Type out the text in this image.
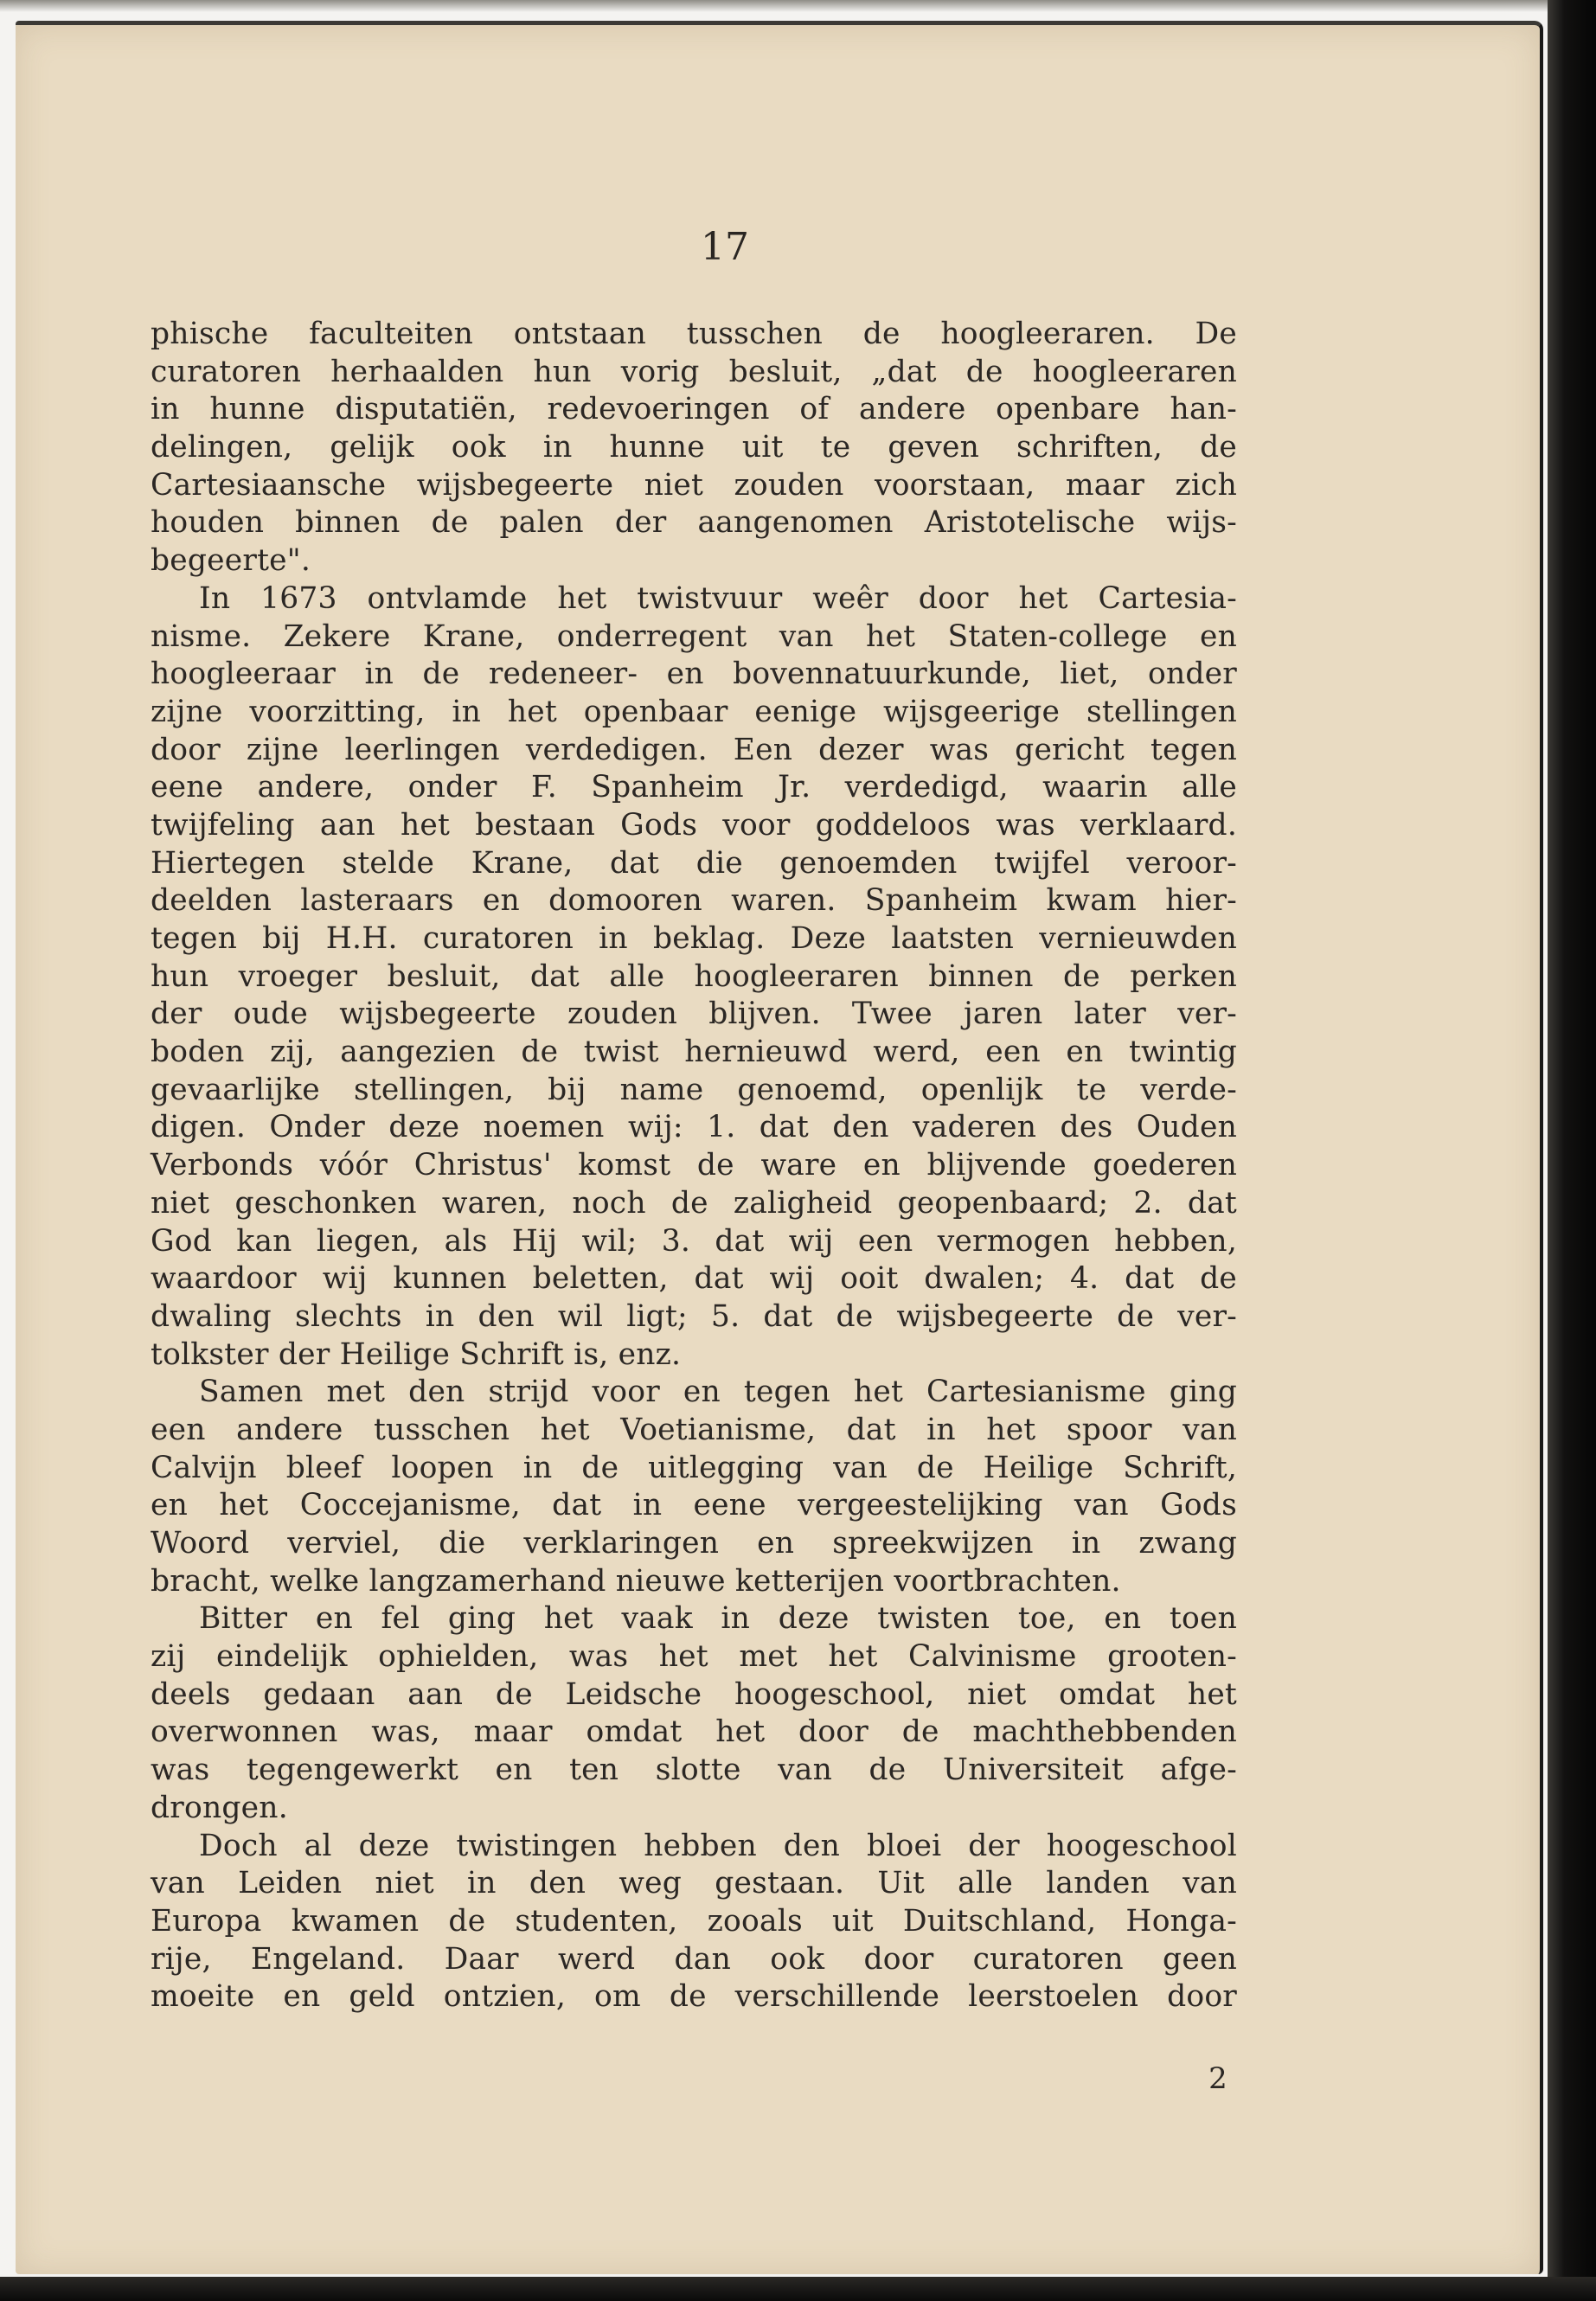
17
phische faculteiten ontstaan tusschen de hoogleeraren. De
curatoren herhaalden hun vorig besluit, „dat de hoogleeraren
in hunne disputatiën, redevoeringen of andere openbare han-
delingen, gelijk ook in hunne uit te geven schriften, de
Cartesiaansche wijsbegeerte niet zouden voorstaan, maar zich
houden binnen de palen der aangenomen Aristotelische wijs-
begeerte".
In 1673 ontvlamde het twistvuur weêr door het Cartesia-
nisme. Zekere Krane, onderregent van het Staten-college en
hoogleeraar in de redeneer- en bovennatuurkunde, liet, onder
zijne voorzitting, in het openbaar eenige wijsgeerige stellingen
door zijne leerlingen verdedigen. Een dezer was gericht tegen
eene andere, onder F. Spanheim Jr. verdedigd, waarin alle
twijfeling aan het bestaan Gods voor goddeloos was verklaard.
Hiertegen stelde Krane, dat die genoemden twijfel veroor-
deelden lasteraars en domooren waren. Spanheim kwam hier-
tegen bij H.H. curatoren in beklag. Deze laatsten vernieuwden
hun vroeger besluit, dat alle hoogleeraren binnen de perken
der oude wijsbegeerte zouden blijven. Twee jaren later ver-
boden zij, aangezien de twist hernieuwd werd, een en twintig
gevaarlijke stellingen, bij name genoemd, openlijk te verde-
digen. Onder deze noemen wij: 1. dat den vaderen des Ouden
Verbonds vóór Christus' komst de ware en blijvende goederen
niet geschonken waren, noch de zaligheid geopenbaard; 2. dat
God kan liegen, als Hij wil; 3. dat wij een vermogen hebben,
waardoor wij kunnen beletten, dat wij ooit dwalen; 4. dat de
dwaling slechts in den wil ligt; 5. dat de wijsbegeerte de ver-
tolkster der Heilige Schrift is, enz.
Samen met den strijd voor en tegen het Cartesianisme ging
een andere tusschen het Voetianisme, dat in het spoor van
Calvijn bleef loopen in de uitlegging van de Heilige Schrift,
en het Coccejanisme, dat in eene vergeestelijking van Gods
Woord verviel, die verklaringen en spreekwijzen in zwang
bracht, welke langzamerhand nieuwe ketterijen voortbrachten.
Bitter en fel ging het vaak in deze twisten toe, en toen
zij eindelijk ophielden, was het met het Calvinisme grooten-
deels gedaan aan de Leidsche hoogeschool, niet omdat het
overwonnen was, maar omdat het door de machthebbenden
was tegengewerkt en ten slotte van de Universiteit afge-
drongen.
Doch al deze twistingen hebben den bloei der hoogeschool
van Leiden niet in den weg gestaan. Uit alle landen van
Europa kwamen de studenten, zooals uit Duitschland, Honga-
rije, Engeland. Daar werd dan ook door curatoren geen
moeite en geld ontzien, om de verschillende leerstoelen door
2
